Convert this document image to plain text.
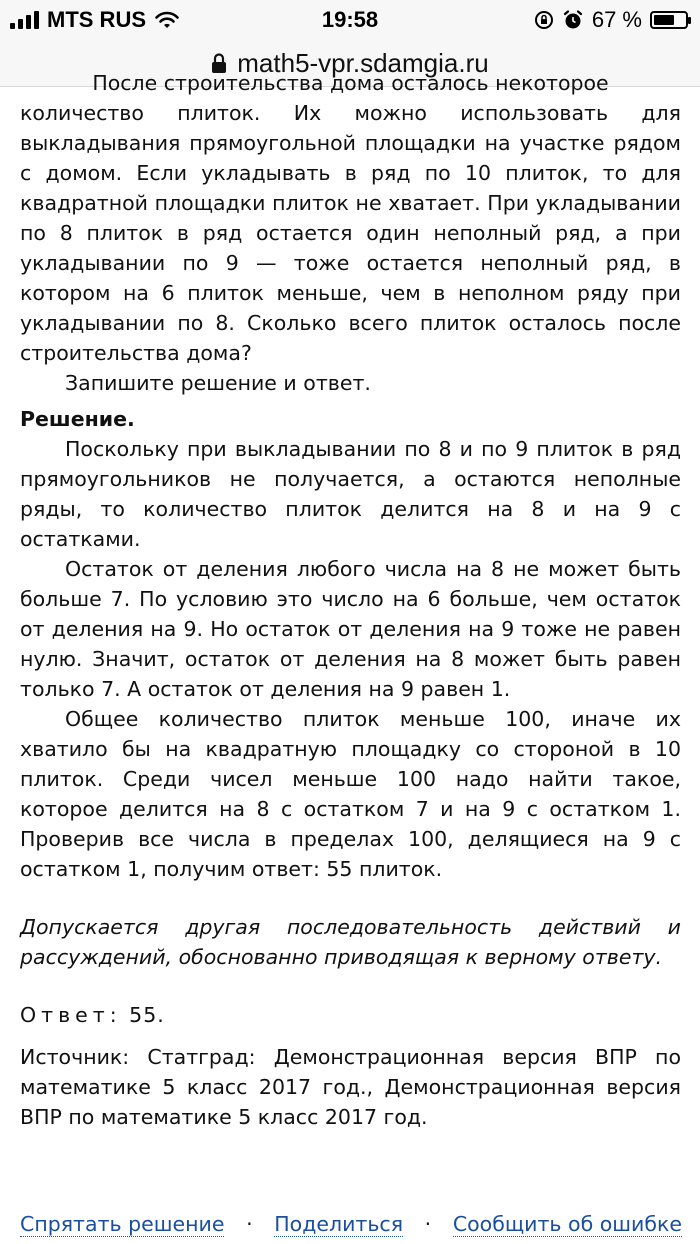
MTS RUS	19:58	67 %
math5-vpr.sdamgia.ru

После строительства дома осталось некоторое

количество плиток. Их можно использовать для выкладывания прямоугольной площадки на участке рядом с домом. Если укладывать в ряд по 10 плиток, то для квадратной площадки плиток не хватает. При укладывании по 8 плиток в ряд остается один неполный ряд, а при укладывании по 9 — тоже остается неполный ряд, в котором на 6 плиток меньше, чем в неполном ряду при укладывании по 8. Сколько всего плиток осталось после строительства дома?

Запишите решение и ответ.

Решение.

Поскольку при выкладывании по 8 и по 9 плиток в ряд прямоугольников не получается, а остаются неполные ряды, то количество плиток делится на 8 и на 9 с остатками.

Остаток от деления любого числа на 8 не может быть больше 7. По условию это число на 6 больше, чем остаток от деления на 9. Но остаток от деления на 9 тоже не равен нулю. Значит, остаток от деления на 8 может быть равен только 7. А остаток от деления на 9 равен 1.

Общее количество плиток меньше 100, иначе их хватило бы на квадратную площадку со стороной в 10 плиток. Среди чисел меньше 100 надо найти такое, которое делится на 8 с остатком 7 и на 9 с остатком 1. Проверив все числа в пределах 100, делящиеся на 9 с остатком 1, получим ответ: 55 плиток.

Допускается другая последовательность действий и рассуждений, обоснованно приводящая к верному ответу.

Ответ: 55.

Источник: Статград: Демонстрационная версия ВПР по математике 5 класс 2017 год., Демонстрационная версия ВПР по математике 5 класс 2017 год.

Спрятать решение · Поделиться · Сообщить об ошибке
